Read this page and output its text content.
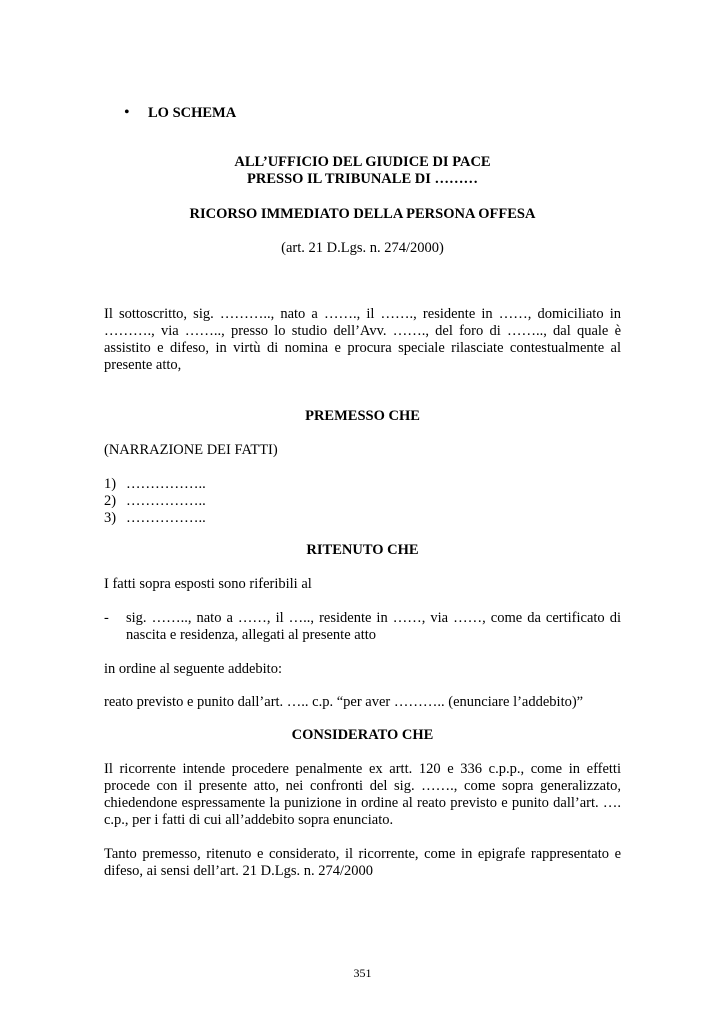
• LO SCHEMA

ALL’UFFICIO DEL GIUDICE DI PACE

PRESSO IL TRIBUNALE DI ………

RICORSO IMMEDIATO DELLA PERSONA OFFESA

(art. 21 D.Lgs. n. 274/2000)

Il sottoscritto, sig. ……….., nato a ……., il ……., residente in ……, domiciliato in ………., via …….., presso lo studio dell’Avv. ……., del foro di …….., dal quale è assistito e difeso, in virtù di nomina e procura speciale rilasciate contestualmente al presente atto,

PREMESSO CHE

(NARRAZIONE DEI FATTI)

1) ……………..
2) ……………..
3) ……………..

RITENUTO CHE

I fatti sopra esposti sono riferibili al

- sig. …….., nato a ……, il ….., residente in ……, via ……, come da certificato di nascita e residenza, allegati al presente atto

in ordine al seguente addebito:

reato previsto e punito dall’art. ….. c.p. “per aver ……….. (enunciare l’addebito)”

CONSIDERATO CHE

Il ricorrente intende procedere penalmente ex artt. 120 e 336 c.p.p., come in effetti procede con il presente atto, nei confronti del sig. ……., come sopra generalizzato, chiedendone espressamente la punizione in ordine al reato previsto e punito dall’art. …. c.p., per i fatti di cui all’addebito sopra enunciato.

Tanto premesso, ritenuto e considerato, il ricorrente, come in epigrafe rappresentato e difeso, ai sensi dell’art. 21 D.Lgs. n. 274/2000

351
